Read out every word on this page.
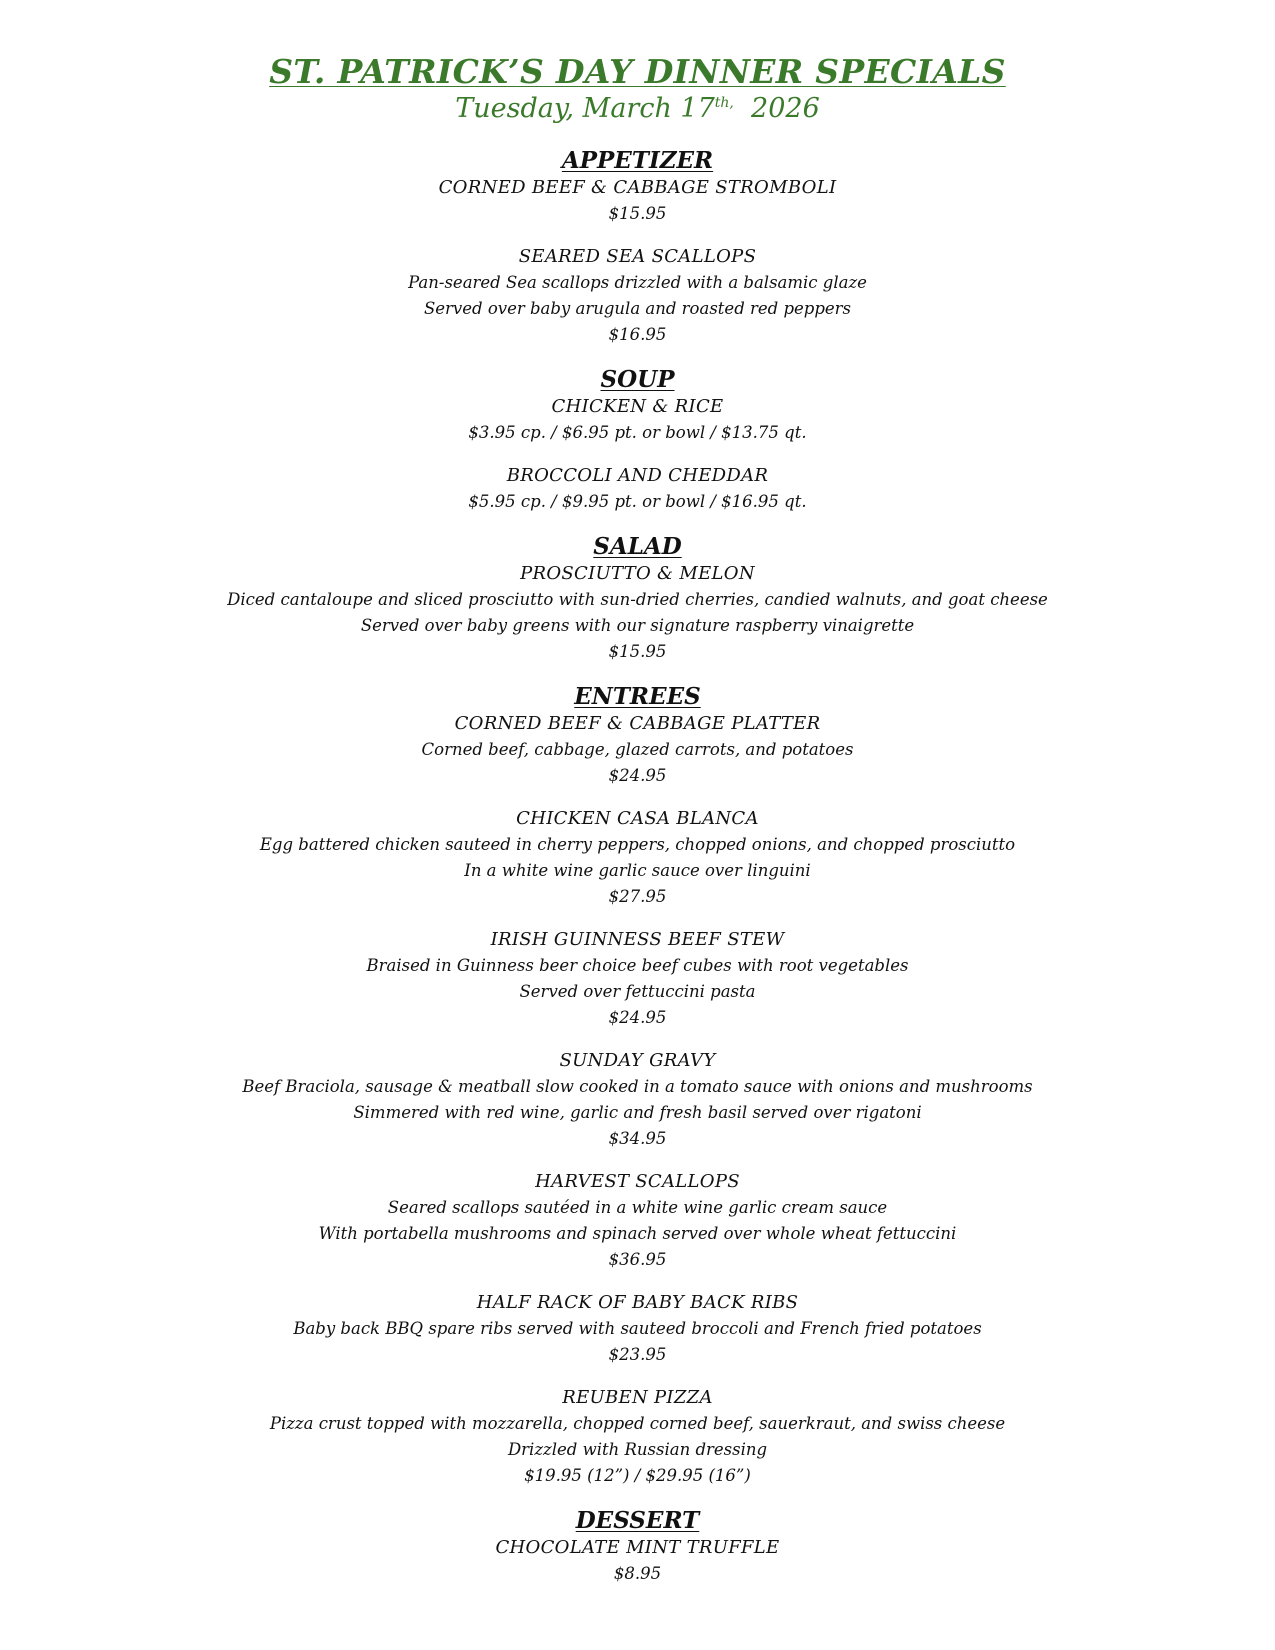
ST. PATRICK’S DAY DINNER SPECIALS
Tuesday, March $17^{th,}$ 2026
APPETIZER

CORNED BEEF & CABBAGE STROMBOLI

$15.95

SEARED SEA SCALLOPS

Pan-seared Sea scallops drizzled with a balsamic glaze

Served over baby arugula and roasted red peppers

$16.95

SOUP

CHICKEN & RICE

$3.95 cp. / $6.95 pt. or bowl / $13.75 qt.

BROCCOLI AND CHEDDAR

$5.95 cp. / $9.95 pt. or bowl / $16.95 qt.

SALAD

PROSCIUTTO & MELON

Diced cantaloupe and sliced prosciutto with sun-dried cherries, candied walnuts, and goat cheese

Served over baby greens with our signature raspberry vinaigrette

$15.95

ENTREES

CORNED BEEF & CABBAGE PLATTER

Corned beef, cabbage, glazed carrots, and potatoes

$24.95

CHICKEN CASA BLANCA

Egg battered chicken sauteed in cherry peppers, chopped onions, and chopped prosciutto

In a white wine garlic sauce over linguini

$27.95

IRISH GUINNESS BEEF STEW

Braised in Guinness beer choice beef cubes with root vegetables

Served over fettuccini pasta

$24.95

SUNDAY GRAVY

Beef Braciola, sausage & meatball slow cooked in a tomato sauce with onions and mushrooms

Simmered with red wine, garlic and fresh basil served over rigatoni

$34.95

HARVEST SCALLOPS

Seared scallops sautéed in a white wine garlic cream sauce

With portabella mushrooms and spinach served over whole wheat fettuccini

$36.95

HALF RACK OF BABY BACK RIBS

Baby back BBQ spare ribs served with sauteed broccoli and French fried potatoes

$23.95

REUBEN PIZZA

Pizza crust topped with mozzarella, chopped corned beef, sauerkraut, and swiss cheese

Drizzled with Russian dressing

$19.95 (12”) / $29.95 (16”)

DESSERT

CHOCOLATE MINT TRUFFLE

$8.95
